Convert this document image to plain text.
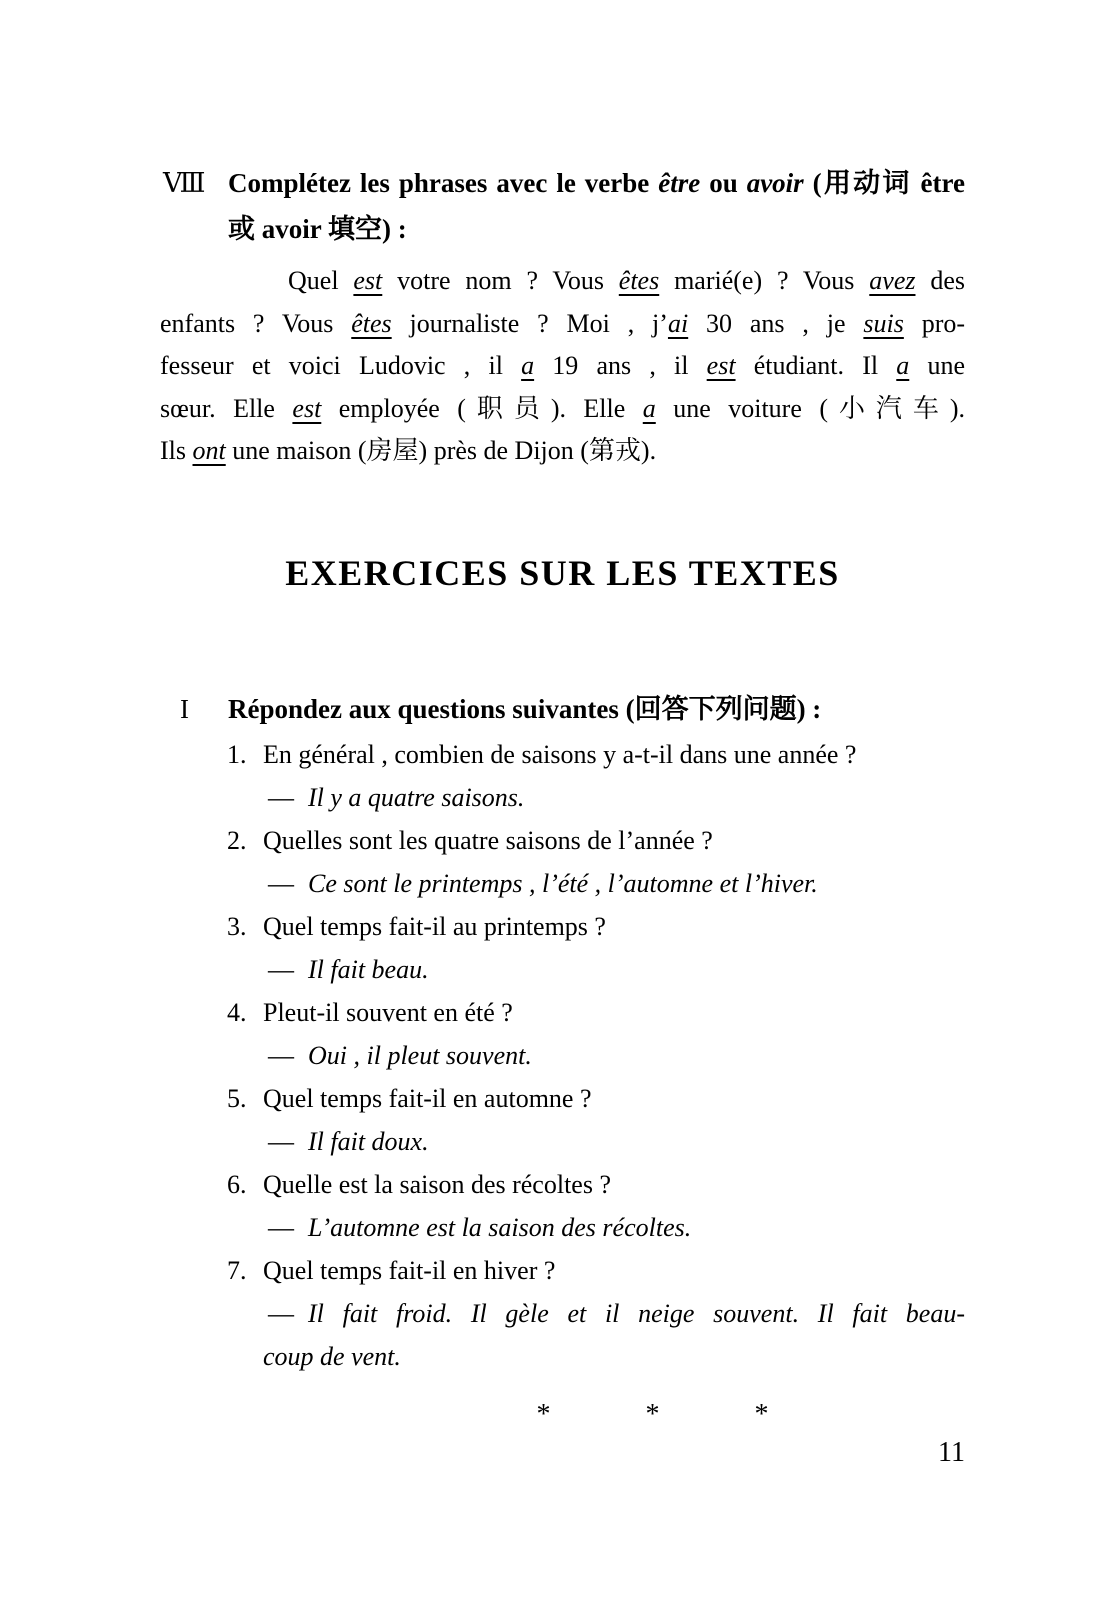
Ⅷ Complétez les phrases avec le verbe être ou avoir (用动词 être
或 avoir 填空) :
Quel est votre nom ? Vous êtes marié(e) ? Vous avez des
enfants ? Vous êtes journaliste ? Moi , j’ai 30 ans , je suis pro-
fesseur et voici Ludovic , il a 19 ans , il est étudiant. Il a une
sœur. Elle est employée (职员). Elle a une voiture (小汽车).
Ils ont une maison (房屋) près de Dijon (第戎).
EXERCICES SUR LES TEXTES
I Répondez aux questions suivantes (回答下列问题) :
1. En général , combien de saisons y a-t-il dans une année ?
— Il y a quatre saisons.
2. Quelles sont les quatre saisons de l’année ?
— Ce sont le printemps , l’été , l’automne et l’hiver.
3. Quel temps fait-il au printemps ?
— Il fait beau.
4. Pleut-il souvent en été ?
— Oui , il pleut souvent.
5. Quel temps fait-il en automne ?
— Il fait doux.
6. Quelle est la saison des récoltes ?
— L’automne est la saison des récoltes.
7. Quel temps fait-il en hiver ?
— Il fait froid. Il gèle et il neige souvent. Il fait beau-
coup de vent.
*	*	*
11
